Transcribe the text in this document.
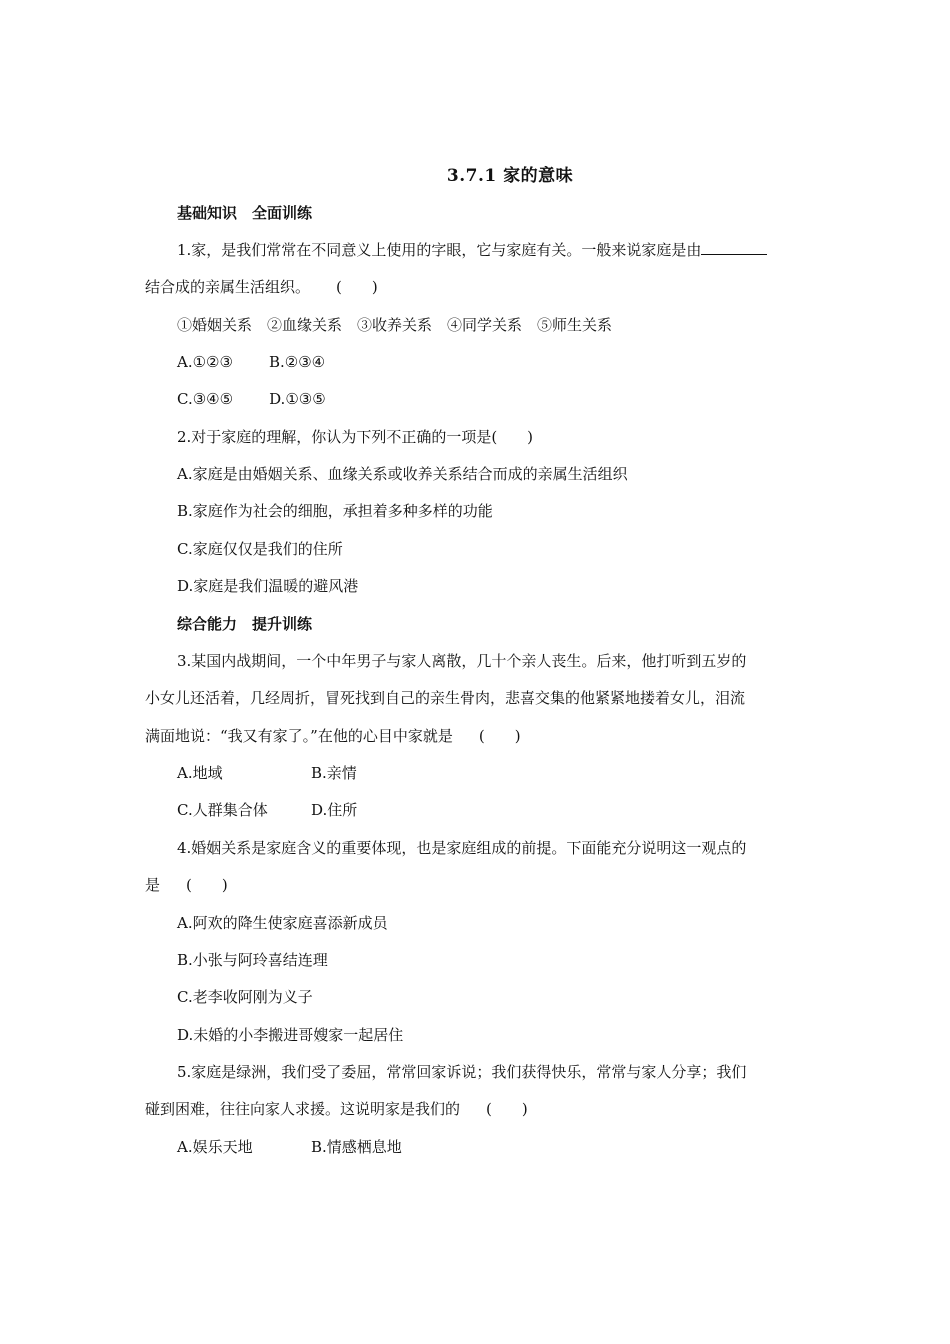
3.7.1 家的意味
基础知识　全面训练
1.家，是我们常常在不同意义上使用的字眼，它与家庭有关。一般来说家庭是由
结合成的亲属生活组织。 (　　)
①婚姻关系　②血缘关系　③收养关系　④同学关系　⑤师生关系
A.①②③ B.②③④
C.③④⑤ D.①③⑤
2.对于家庭的理解，你认为下列不正确的一项是(　　)
A.家庭是由婚姻关系、血缘关系或收养关系结合而成的亲属生活组织
B.家庭作为社会的细胞，承担着多种多样的功能
C.家庭仅仅是我们的住所
D.家庭是我们温暖的避风港
综合能力　提升训练
3.某国内战期间，一个中年男子与家人离散，几十个亲人丧生。后来，他打听到五岁的
小女儿还活着，几经周折，冒死找到自己的亲生骨肉，悲喜交集的他紧紧地搂着女儿，泪流
满面地说：“我又有家了。”在他的心目中家就是 (　　)
A.地域	B.亲情
C.人群集合体	D.住所
4.婚姻关系是家庭含义的重要体现，也是家庭组成的前提。下面能充分说明这一观点的
是 (　　)
A.阿欢的降生使家庭喜添新成员
B.小张与阿玲喜结连理
C.老李收阿刚为义子
D.未婚的小李搬进哥嫂家一起居住
5.家庭是绿洲，我们受了委屈，常常回家诉说；我们获得快乐，常常与家人分享；我们
碰到困难，往往向家人求援。这说明家是我们的 (　　)
A.娱乐天地	B.情感栖息地
